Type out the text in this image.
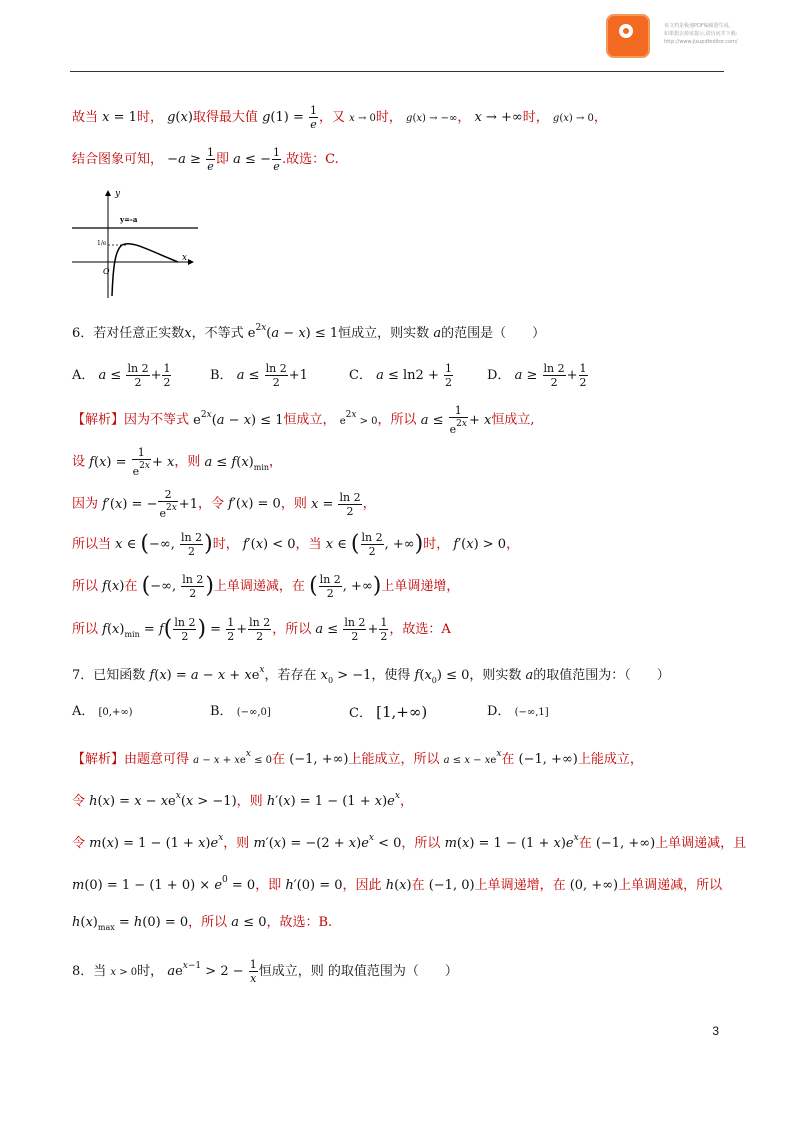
该文档是极速PDF编辑器生成,
如果想去掉该提示,请访问并下载:
http://www.jisupdfeditor.com/
故当 x = 1时， g(x)取得最大值 $g(1) = \frac{1}{e}$ ，又 x → 0时， g(x) → −∞， x → +∞时， g(x) → 0，
结合图象可知， $-a \ge \frac{1}{e}$ 即 a ≤ − $\frac{1}{e}$ .故选：C.
y
x
O
y=-a
1/e
6．若对任意正实数x，不等式 $e^{2x}(a - x) \le 1$恒成立，则实数 a的范围是（　　）
A． $a \le \frac{\ln 2}{2} + \frac{1}{2}$	B． $a \le \frac{\ln 2}{2} +1$	C． $a \le \ln 2 + \frac{1}{2}$	D． $a \ge \frac{\ln 2}{2} + \frac{1}{2}$
【解析】因为不等式 $e^{2x}(a - x) \le 1$恒成立， e2x > 0，所以 $a \le \frac{1}{e^{2x}} + x$恒成立,
设 $f(x) = \frac{1}{e^{2x}} + x$，则 $a \le f(x)_{min}$，
因为 f′(x) = − $\frac{2}{e^{2x}} +1$，令 f′(x) = 0，则 $x = \frac{\ln 2}{2}$ ，
所以当 x ∈ (−∞, $\frac{\ln 2}{2}$ )时， f′(x) < 0，当 x ∈ ( $\frac{\ln 2}{2}$ , +∞)时， f′(x) > 0，
所以 f(x)在 (−∞, $\frac{\ln 2}{2}$ )上单调递减，在 ( $\frac{\ln 2}{2}$ , +∞)上单调递增，
所以 $f(x)_{min} = f( \frac{\ln 2}{2}$ ) = $\frac{1}{2} + \frac{\ln 2}{2}$ ，所以 $a \le \frac{\ln 2}{2} + \frac{1}{2}$ ，故选：A
7．已知函数 $f(x) = a - x + xe^x$，若存在 $x_0 > -1$，使得 $f(x_0) \le 0$，则实数 a的取值范围为：（　　）
A． [0,+∞)	B． (−∞,0]	C． [1,+∞)	D． (−∞,1]
【解析】由题意可得 a − x + xex ≤ 0在 (−1, +∞)上能成立，所以 a ≤ x − xex在 (−1, +∞)上能成立，
令 $h(x) = x - xe^x(x > -1)$，则 $h'(x) = 1 - (1 + x)e^x$，
令 $m(x) = 1 - (1 + x)e^x$，则 $m'(x) = -(2 + x)e^x < 0$，所以 $m(x) = 1 - (1 + x)e^x$在 (−1, +∞)上单调递减，且
$m(0) = 1 - (1 + 0) \times e^0 = 0$，即 h′(0) = 0，因此 h(x)在 (−1, 0)上单调递增，在 (0, +∞)上单调递减，所以
$h(x)_{max} = h(0) = 0$，所以 a ≤ 0，故选：B.
8．当 x > 0时， $ae^{x-1} > 2 - \frac{1}{x}$ 恒成立，则 的取值范围为（　　）
3
